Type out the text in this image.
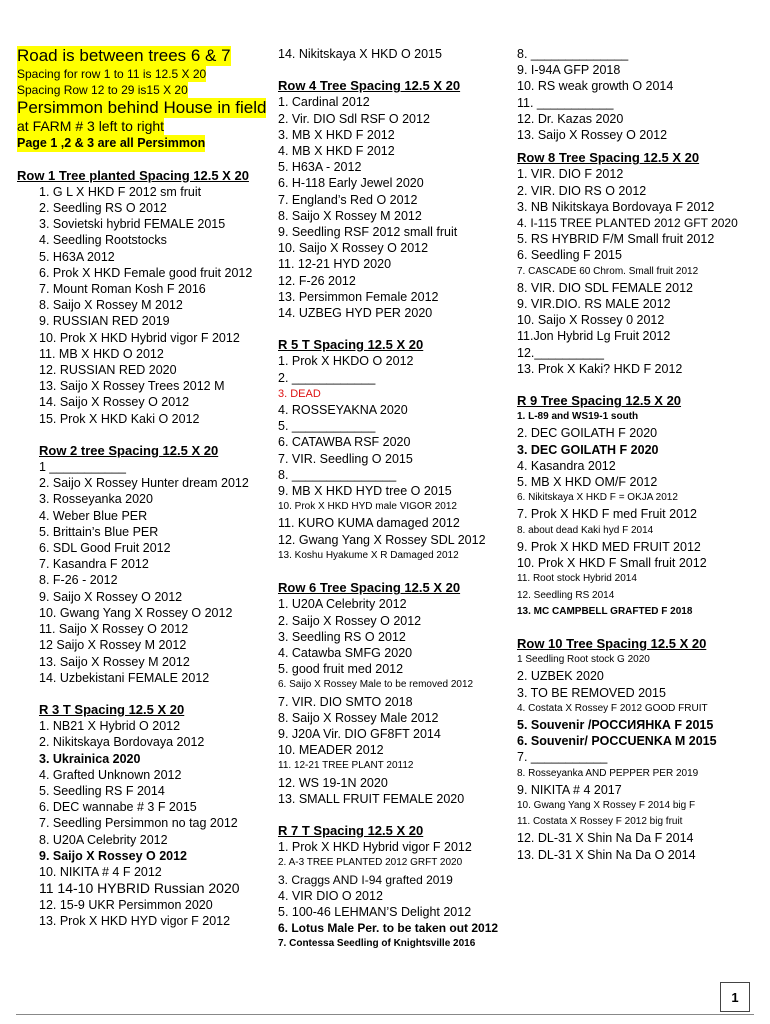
Road is between trees 6 & 7
Spacing for row 1 to 11 is 12.5 X 20
Spacing Row 12 to 29 is15 X 20
Persimmon behind House in field
at FARM # 3 left to right
Page 1 ,2 & 3 are all Persimmon
Row 1 Tree planted Spacing 12.5 X 20
1. G L X HKD F 2012 sm fruit
2. Seedling RS O 2012
3. Sovietski hybrid FEMALE 2015
4. Seedling Rootstocks
5. H63A 2012
6. Prok X HKD Female good fruit 2012
7. Mount Roman Kosh F 2016
8. Saijo X Rossey M 2012
9. RUSSIAN RED 2019
10. Prok X HKD Hybrid vigor F 2012
11. MB X HKD O 2012
12. RUSSIAN RED 2020
13. Saijo X Rossey Trees 2012 M
14. Saijo X Rossey O 2012
15. Prok X HKD Kaki O 2012
Row 2 tree Spacing 12.5 X 20
1 ___________
2. Saijo X Rossey Hunter dream 2012
3. Rosseyanka 2020
4. Weber Blue PER
5. Brittain’s Blue PER
6. SDL Good Fruit 2012
7. Kasandra F 2012
8. F-26 - 2012
9. Saijo X Rossey O 2012
10. Gwang Yang X Rossey O 2012
11. Saijo X Rossey O 2012
12 Saijo X Rossey M 2012
13. Saijo X Rossey M 2012
14. Uzbekistani FEMALE 2012
R 3 T Spacing 12.5 X 20
1. NB21 X Hybrid O 2012
2. Nikitskaya Bordovaya 2012
3. Ukrainica 2020
4. Grafted Unknown 2012
5. Seedling RS F 2014
6. DEC wannabe # 3 F 2015
7. Seedling Persimmon no tag 2012
8. U20A Celebrity 2012
9. Saijo X Rossey O 2012
10. NIKITA # 4 F 2012
11 14-10 HYBRID Russian 2020
12. 15-9 UKR Persimmon 2020
13. Prok X HKD HYD vigor F 2012
14. Nikitskaya X HKD O 2015
Row 4 Tree Spacing 12.5 X 20
1. Cardinal 2012
2. Vir. DIO Sdl RSF O 2012
3. MB X HKD F 2012
4. MB X HKD F 2012
5. H63A - 2012
6. H-118 Early Jewel 2020
7. England’s Red O 2012
8. Saijo X Rossey M 2012
9. Seedling RSF 2012 small fruit
10. Saijo X Rossey O 2012
11. 12-21 HYD 2020
12. F-26 2012
13. Persimmon Female 2012
14. UZBEG HYD PER 2020
R 5 T Spacing 12.5 X 20
1. Prok X HKDO O 2012
2. ____________
3. DEAD
4. ROSSEYAKNA 2020
5. ____________
6. CATAWBA RSF 2020
7. VIR. Seedling O 2015
8. _______________
9. MB X HKD HYD tree O 2015
10. Prok X HKD HYD male VIGOR 2012
11. KURO KUMA damaged 2012
12. Gwang Yang X Rossey SDL 2012
13. Koshu Hyakume X R Damaged 2012
Row 6 Tree Spacing 12.5 X 20
1. U20A Celebrity 2012
2. Saijo X Rossey O 2012
3. Seedling RS O 2012
4. Catawba SMFG 2020
5. good fruit med 2012
6. Saijo X Rossey Male to be removed 2012
7. VIR. DIO SMTO 2018
8. Saijo X Rossey Male 2012
9. J20A Vir. DIO GF8FT 2014
10. MEADER 2012
11. 12-21 TREE PLANT 20112
12. WS 19-1N 2020
13. SMALL FRUIT FEMALE 2020
R 7 T Spacing 12.5 X 20
1. Prok X HKD Hybrid vigor F 2012
2. A-3 TREE PLANTED 2012 GRFT 2020
3. Craggs AND I-94 grafted 2019
4. VIR DIO O 2012
5. 100-46 LEHMAN’S Delight 2012
6. Lotus Male Per. to be taken out 2012
7. Contessa Seedling of Knightsville 2016
8. ______________
9. I-94A GFP 2018
10. RS weak growth O 2014
11. ___________
12. Dr. Kazas 2020
13. Saijo X Rossey O 2012
Row 8 Tree Spacing 12.5 X 20
1. VIR. DIO F 2012
2. VIR. DIO RS O 2012
3. NB Nikitskaya Bordovaya F 2012
4. I-115 TREE PLANTED 2012 GFT 2020
5. RS HYBRID F/M Small fruit 2012
6. Seedling F 2015
7. CASCADE 60 Chrom. Small fruit 2012
8. VIR. DIO SDL FEMALE 2012
9. VIR.DIO. RS MALE 2012
10. Saijo X Rossey 0 2012
11.Jon Hybrid Lg Fruit 2012
12.__________
13. Prok X Kaki? HKD F 2012
R 9 Tree Spacing 12.5 X 20
1. L-89 and WS19-1 south
2. DEC GOILATH F 2020
3. DEC GOILATH F 2020
4. Kasandra 2012
5. MB X HKD OM/F 2012
6. Nikitskaya X HKD F = OKJA 2012
7. Prok X HKD F med Fruit 2012
8. about dead Kaki hyd F 2014
9. Prok X HKD MED FRUIT 2012
10. Prok X HKD F Small fruit 2012
11. Root stock Hybrid 2014
12. Seedling RS 2014
13. MC CAMPBELL GRAFTED F 2018
Row 10 Tree Spacing 12.5 X 20
1 Seedling Root stock G 2020
2. UZBEK 2020
3. TO BE REMOVED 2015
4. Costata X Rossey F 2012 GOOD FRUIT
5. Souvenir /РОССИЯНКА F 2015
6. Souvenir/ POCCUENKA M 2015
7. ___________
8. Rosseyanka AND PEPPER PER 2019
9. NIKITA # 4 2017
10. Gwang Yang X Rossey F 2014 big F
11. Costata X Rossey F 2012 big fruit
12. DL-31 X Shin Na Da F 2014
13. DL-31 X Shin Na Da O 2014
1
